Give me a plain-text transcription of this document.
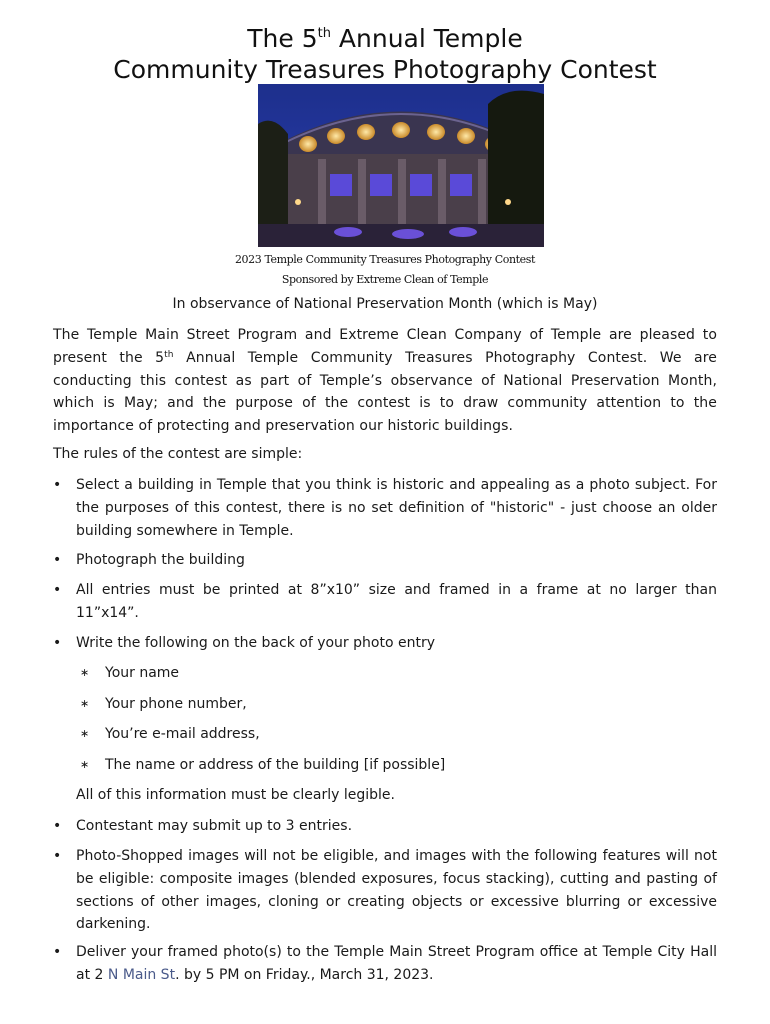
The 5th Annual Temple
Community Treasures Photography Contest
2023 Temple Community Treasures Photography Contest
Sponsored by Extreme Clean of Temple
In observance of National Preservation Month (which is May)
The Temple Main Street Program and Extreme Clean Company of Temple are pleased to present the 5th Annual Temple Community Treasures Photography Contest. We are conducting this contest as part of Temple’s observance of National Preservation Month, which is May; and the purpose of the contest is to draw community attention to the importance of protecting and preservation our historic buildings.
The rules of the contest are simple:
• Select a building in Temple that you think is historic and appealing as a photo subject. For the purposes of this contest, there is no set definition of "historic" - just choose an older building somewhere in Temple.
• Photograph the building
• All entries must be printed at 8”x10” size and framed in a frame at no larger than 11”x14”.
• Write the following on the back of your photo entry
∗ Your name
∗ Your phone number,
∗ You’re e-mail address,
∗ The name or address of the building [if possible]
All of this information must be clearly legible.
• Contestant may submit up to 3 entries.
• Photo-Shopped images will not be eligible, and images with the following features will not be eligible: composite images (blended exposures, focus stacking), cutting and pasting of sections of other images, cloning or creating objects or excessive blurring or excessive darkening.
• Deliver your framed photo(s) to the Temple Main Street Program office at Temple City Hall at 2 N Main St. by 5 PM on Friday., March 31, 2023.
